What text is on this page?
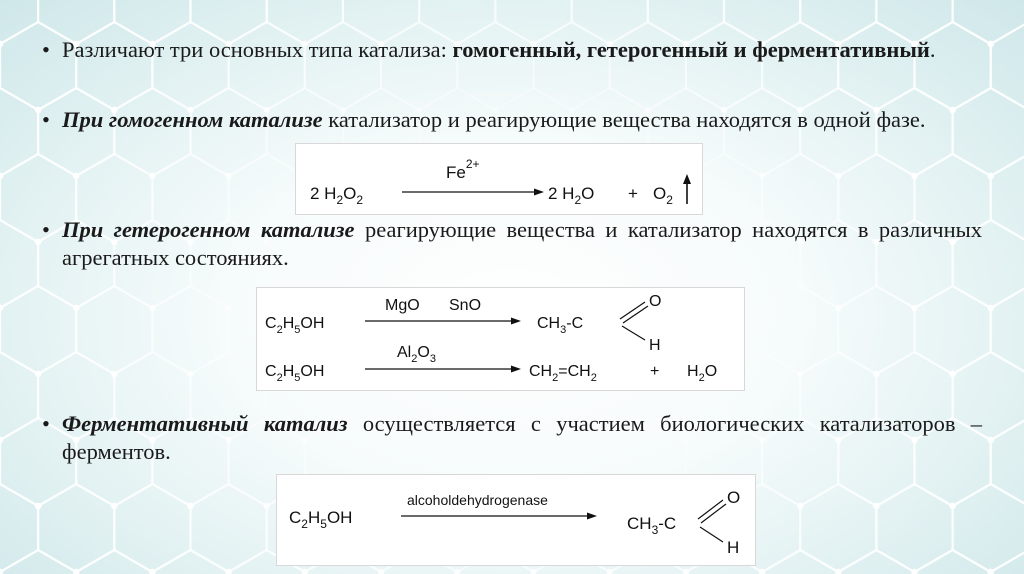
• Различают три основных типа катализа: гомогенный, гетерогенный и ферментативный.
• При гомогенном катализе катализатор и реагирующие вещества находятся в одной фазе.
$Fe^{2+}$
2 $H_2O_2$	2 $H_2O + O_2$
• При гетерогенном катализе реагирующие вещества и катализатор находятся в различных агрегатных состояниях.
$C_2H_5OH$
MgO SnO
$CH_3-C$
O
H
$C_2H_5OH$
$Al_2O_3$
$CH_2=CH_2$	+ $H_2O$
• Ферментативный катализ осуществляется с участием биологических катализаторов – ферментов.
$C_2H_5OH$
alcoholdehydrogenase
$CH_3-C$
O
H
